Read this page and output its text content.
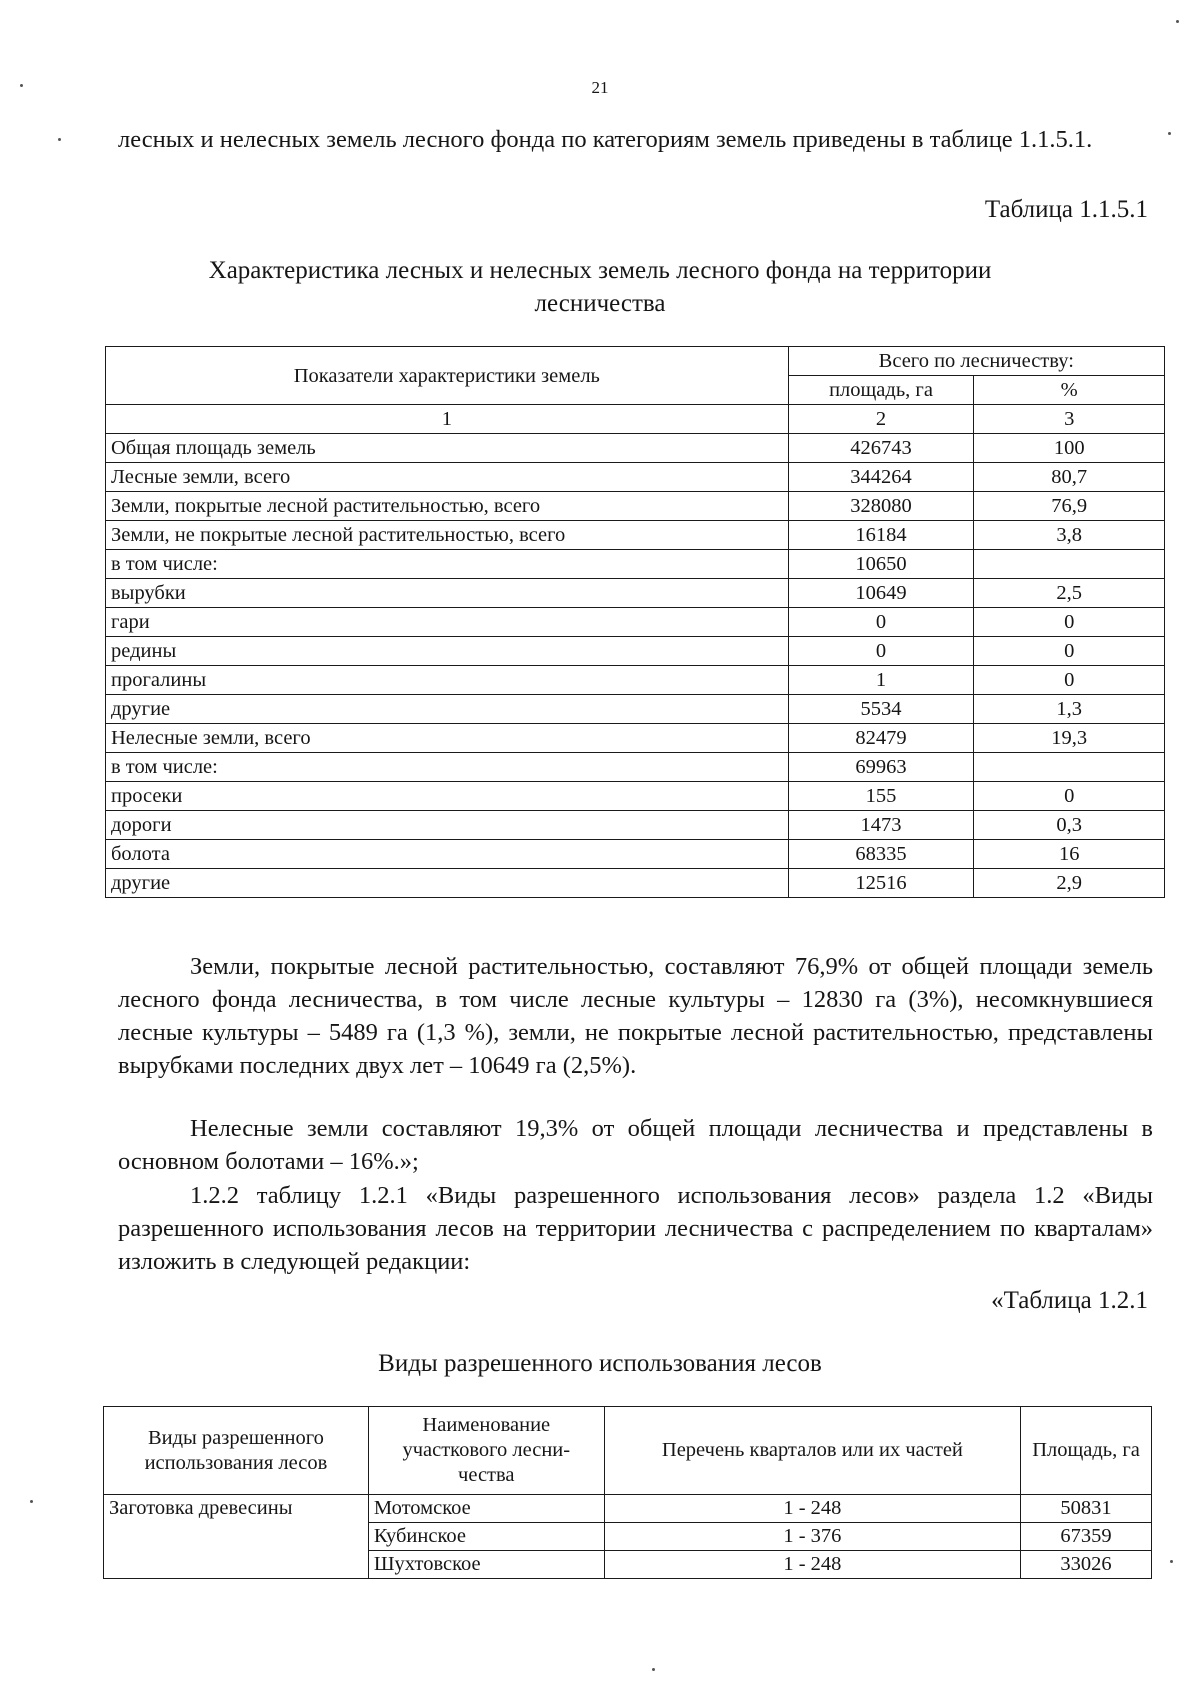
21
лесных и нелесных земель лесного фонда по категориям земель приведены в таблице 1.1.5.1.
Таблица 1.1.5.1
Характеристика лесных и нелесных земель лесного фонда на территории
лесничества
Показатели характеристики земель	Всего по лесничеству:	
	площадь, га	%
1	2	3
Общая площадь земель	426743	100
Лесные земли, всего	344264	80,7
Земли, покрытые лесной растительностью, всего	328080	76,9
Земли, не покрытые лесной растительностью, всего	16184	3,8
в том числе:	10650	
вырубки	10649	2,5
гари	0	0
редины	0	0
прогалины	1	0
другие	5534	1,3
Нелесные земли, всего	82479	19,3
в том числе:	69963	
просеки	155	0
дороги	1473	0,3
болота	68335	16
другие	12516	2,9
Земли, покрытые лесной растительностью, составляют 76,9% от общей площади земель лесного фонда лесничества, в том числе лесные культуры – 12830 га (3%), несомкнувшиеся лесные культуры – 5489 га (1,3 %), земли, не покрытые лесной растительностью, представлены вырубками последних двух лет – 10649 га (2,5%).
Нелесные земли составляют 19,3% от общей площади лесничества и представлены в основном болотами – 16%.»;
1.2.2 таблицу 1.2.1 «Виды разрешенного использования лесов» раздела 1.2 «Виды разрешенного использования лесов на территории лесничества с распределением по кварталам» изложить в следующей редакции:
«Таблица 1.2.1
Виды разрешенного использования лесов
Виды разрешенного использования лесов	Наименование участкового лесни-чества	Перечень кварталов или их частей	Площадь, га
Заготовка древесины	Мотомское	1 - 248	50831
	Кубинское	1 - 376	67359
	Шухтовское	1 - 248	33026
